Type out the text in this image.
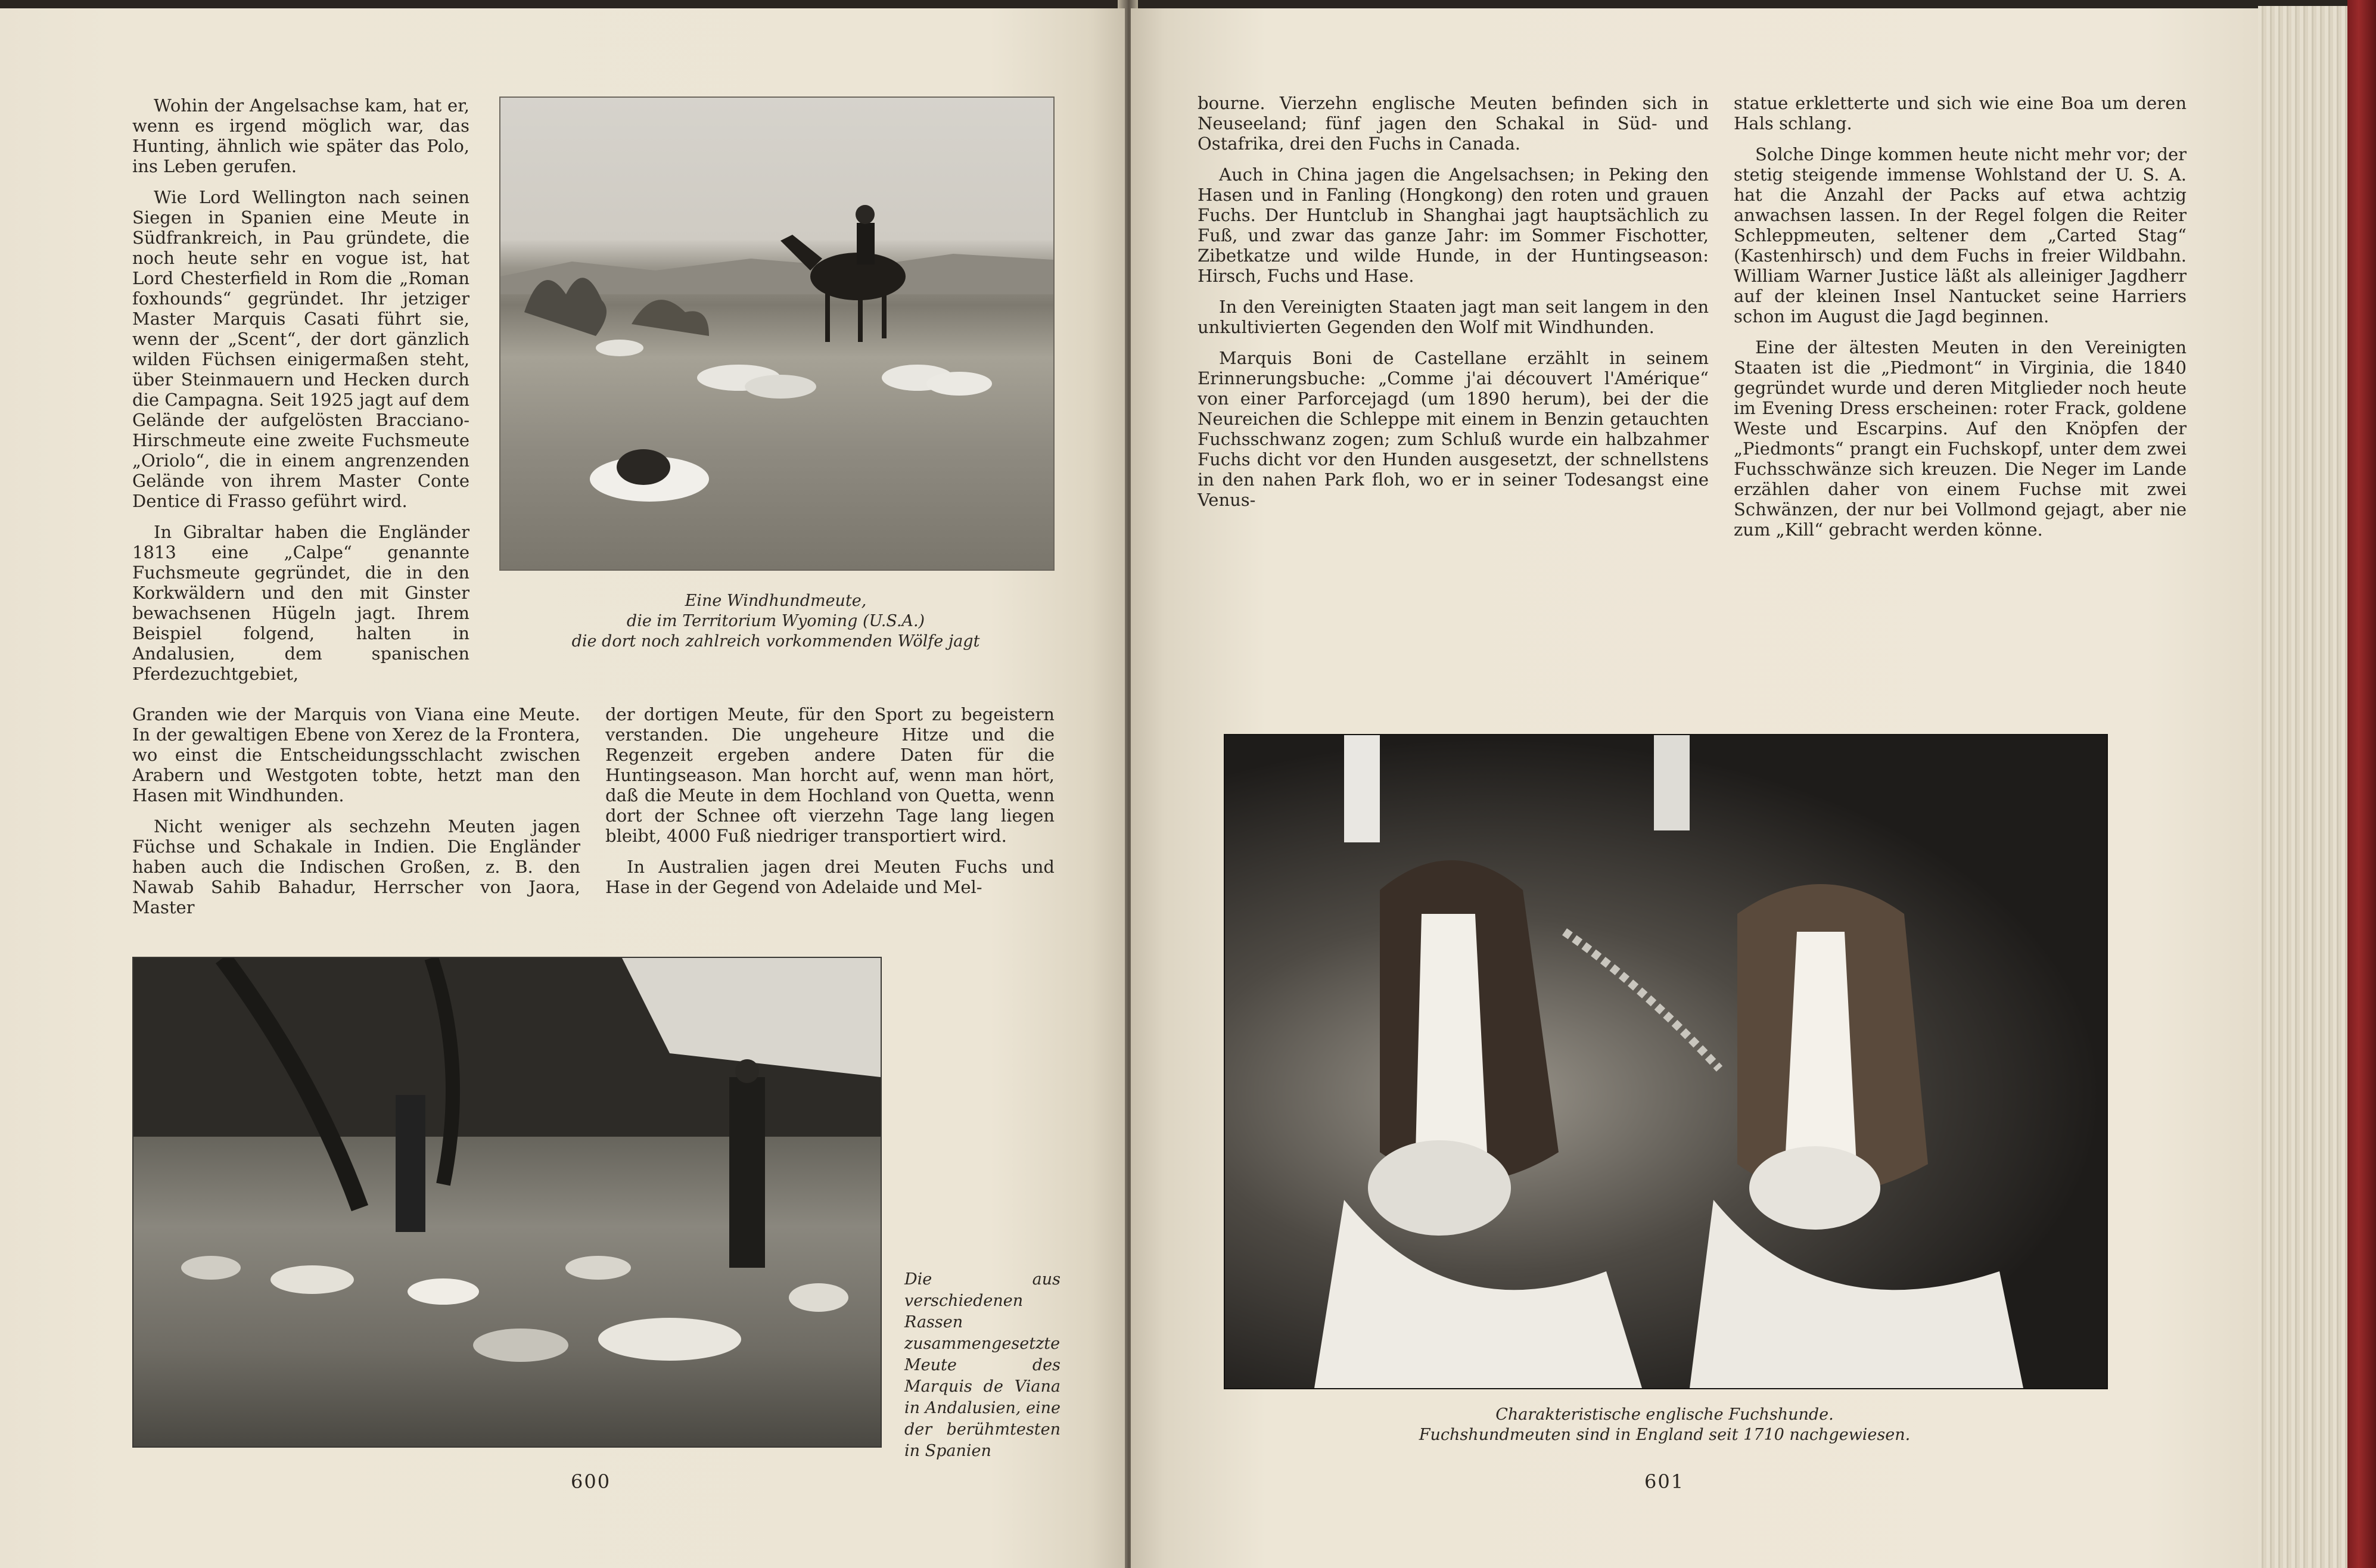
Wohin der Angelsachse kam, hat er, wenn es irgend möglich war, das Hunting, ähnlich wie später das Polo, ins Leben gerufen.

Wie Lord Wellington nach seinen Siegen in Spanien eine Meute in Südfrankreich, in Pau gründete, die noch heute sehr en vogue ist, hat Lord Chesterfield in Rom die „Roman foxhounds“ gegründet. Ihr jetziger Master Marquis Casati führt sie, wenn der „Scent“, der dort gänzlich wilden Füchsen einigermaßen steht, über Steinmauern und Hecken durch die Campagna. Seit 1925 jagt auf dem Gelände der aufgelösten Bracciano-Hirschmeute eine zweite Fuchsmeute „Oriolo“, die in einem angrenzenden Gelände von ihrem Master Conte Dentice di Frasso geführt wird.

In Gibraltar haben die Engländer 1813 eine „Calpe“ genannte Fuchsmeute gegründet, die in den Korkwäldern und den mit Ginster bewachsenen Hügeln jagt. Ihrem Beispiel folgend, halten in Andalusien, dem spanischen Pferdezuchtgebiet,

Eine Windhundmeute,
die im Territorium Wyoming (U.S.A.)
die dort noch zahlreich vorkommenden Wölfe jagt

Granden wie der Marquis von Viana eine Meute. In der gewaltigen Ebene von Xerez de la Frontera, wo einst die Entscheidungsschlacht zwischen Arabern und Westgoten tobte, hetzt man den Hasen mit Windhunden.

Nicht weniger als sechzehn Meuten jagen Füchse und Schakale in Indien. Die Engländer haben auch die Indischen Großen, z. B. den Nawab Sahib Bahadur, Herrscher von Jaora, Master

der dortigen Meute, für den Sport zu begeistern verstanden. Die ungeheure Hitze und die Regenzeit ergeben andere Daten für die Huntingseason. Man horcht auf, wenn man hört, daß die Meute in dem Hochland von Quetta, wenn dort der Schnee oft vierzehn Tage lang liegen bleibt, 4000 Fuß niedriger transportiert wird.

In Australien jagen drei Meuten Fuchs und Hase in der Gegend von Adelaide und Mel-

Die aus verschiedenen Rassen zusammengesetzte Meute des Marquis de Viana in Andalusien, eine der berühmtesten in Spanien
600

bourne. Vierzehn englische Meuten befinden sich in Neuseeland; fünf jagen den Schakal in Süd- und Ostafrika, drei den Fuchs in Canada.

Auch in China jagen die Angelsachsen; in Peking den Hasen und in Fanling (Hongkong) den roten und grauen Fuchs. Der Huntclub in Shanghai jagt hauptsächlich zu Fuß, und zwar das ganze Jahr: im Sommer Fischotter, Zibetkatze und wilde Hunde, in der Huntingseason: Hirsch, Fuchs und Hase.

In den Vereinigten Staaten jagt man seit langem in den unkultivierten Gegenden den Wolf mit Windhunden.

Marquis Boni de Castellane erzählt in seinem Erinnerungsbuche: „Comme j'ai découvert l'Amérique“ von einer Parforcejagd (um 1890 herum), bei der die Neureichen die Schleppe mit einem in Benzin getauchten Fuchsschwanz zogen; zum Schluß wurde ein halbzahmer Fuchs dicht vor den Hunden ausgesetzt, der schnellstens in den nahen Park floh, wo er in seiner Todesangst eine Venus-

statue erkletterte und sich wie eine Boa um deren Hals schlang.

Solche Dinge kommen heute nicht mehr vor; der stetig steigende immense Wohlstand der U. S. A. hat die Anzahl der Packs auf etwa achtzig anwachsen lassen. In der Regel folgen die Reiter Schleppmeuten, seltener dem „Carted Stag“ (Kastenhirsch) und dem Fuchs in freier Wildbahn. William Warner Justice läßt als alleiniger Jagdherr auf der kleinen Insel Nantucket seine Harriers schon im August die Jagd beginnen.

Eine der ältesten Meuten in den Vereinigten Staaten ist die „Piedmont“ in Virginia, die 1840 gegründet wurde und deren Mitglieder noch heute im Evening Dress erscheinen: roter Frack, goldene Weste und Escarpins. Auf den Knöpfen der „Piedmonts“ prangt ein Fuchskopf, unter dem zwei Fuchsschwänze sich kreuzen. Die Neger im Lande erzählen daher von einem Fuchse mit zwei Schwänzen, der nur bei Vollmond gejagt, aber nie zum „Kill“ gebracht werden könne.

Charakteristische englische Fuchshunde.
Fuchshundmeuten sind in England seit 1710 nachgewiesen.
601
